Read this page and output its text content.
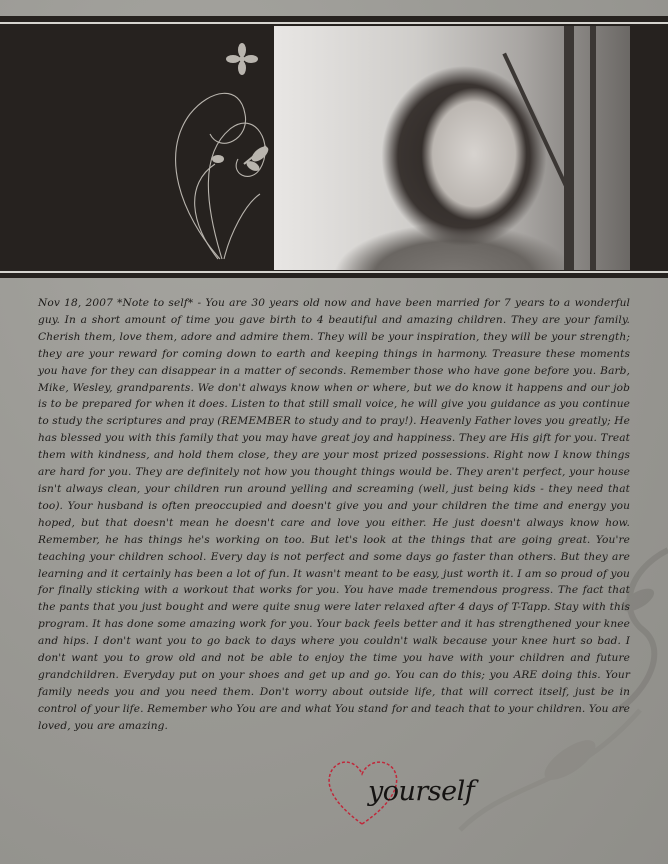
Nov 18, 2007 *Note to self* - You are 30 years old now and have been married for 7 years to a wonderful guy. In a short amount of time you gave birth to 4 beautiful and amazing children. They are your family. Cherish them, love them, adore and admire them. They will be your inspiration, they will be your strength; they are your reward for coming down to earth and keeping things in harmony. Treasure these moments you have for they can disappear in a matter of seconds. Remember those who have gone before you. Barb, Mike, Wesley, grandparents. We don't always know when or where, but we do know it happens and our job is to be prepared for when it does. Listen to that still small voice, he will give you guidance as you continue to study the scriptures and pray (REMEMBER to study and to pray!). Heavenly Father loves you greatly; He has blessed you with this family that you may have great joy and happiness. They are His gift for you. Treat them with kindness, and hold them close, they are your most prized possessions. Right now I know things are hard for you. They are definitely not how you thought things would be. They aren't perfect, your house isn't always clean, your children run around yelling and screaming (well, just being kids - they need that too). Your husband is often preoccupied and doesn't give you and your children the time and energy you hoped, but that doesn't mean he doesn't care and love you either. He just doesn't always know how. Remember, he has things he's working on too. But let's look at the things that are going great. You're teaching your children school. Every day is not perfect and some days go faster than others. But they are learning and it certainly has been a lot of fun. It wasn't meant to be easy, just worth it. I am so proud of you for finally sticking with a workout that works for you. You have made tremendous progress. The fact that the pants that you just bought and were quite snug were later relaxed after 4 days of T-Tapp. Stay with this program. It has done some amazing work for you. Your back feels better and it has strengthened your knee and hips. I don't want you to go back to days where you couldn't walk because your knee hurt so bad. I don't want you to grow old and not be able to enjoy the time you have with your children and future grandchildren. Everyday put on your shoes and get up and go. You can do this; you ARE doing this. Your family needs you and you need them. Don't worry about outside life, that will correct itself, just be in control of your life. Remember who You are and what You stand for and teach that to your children. You are loved, you are amazing.

yourself
